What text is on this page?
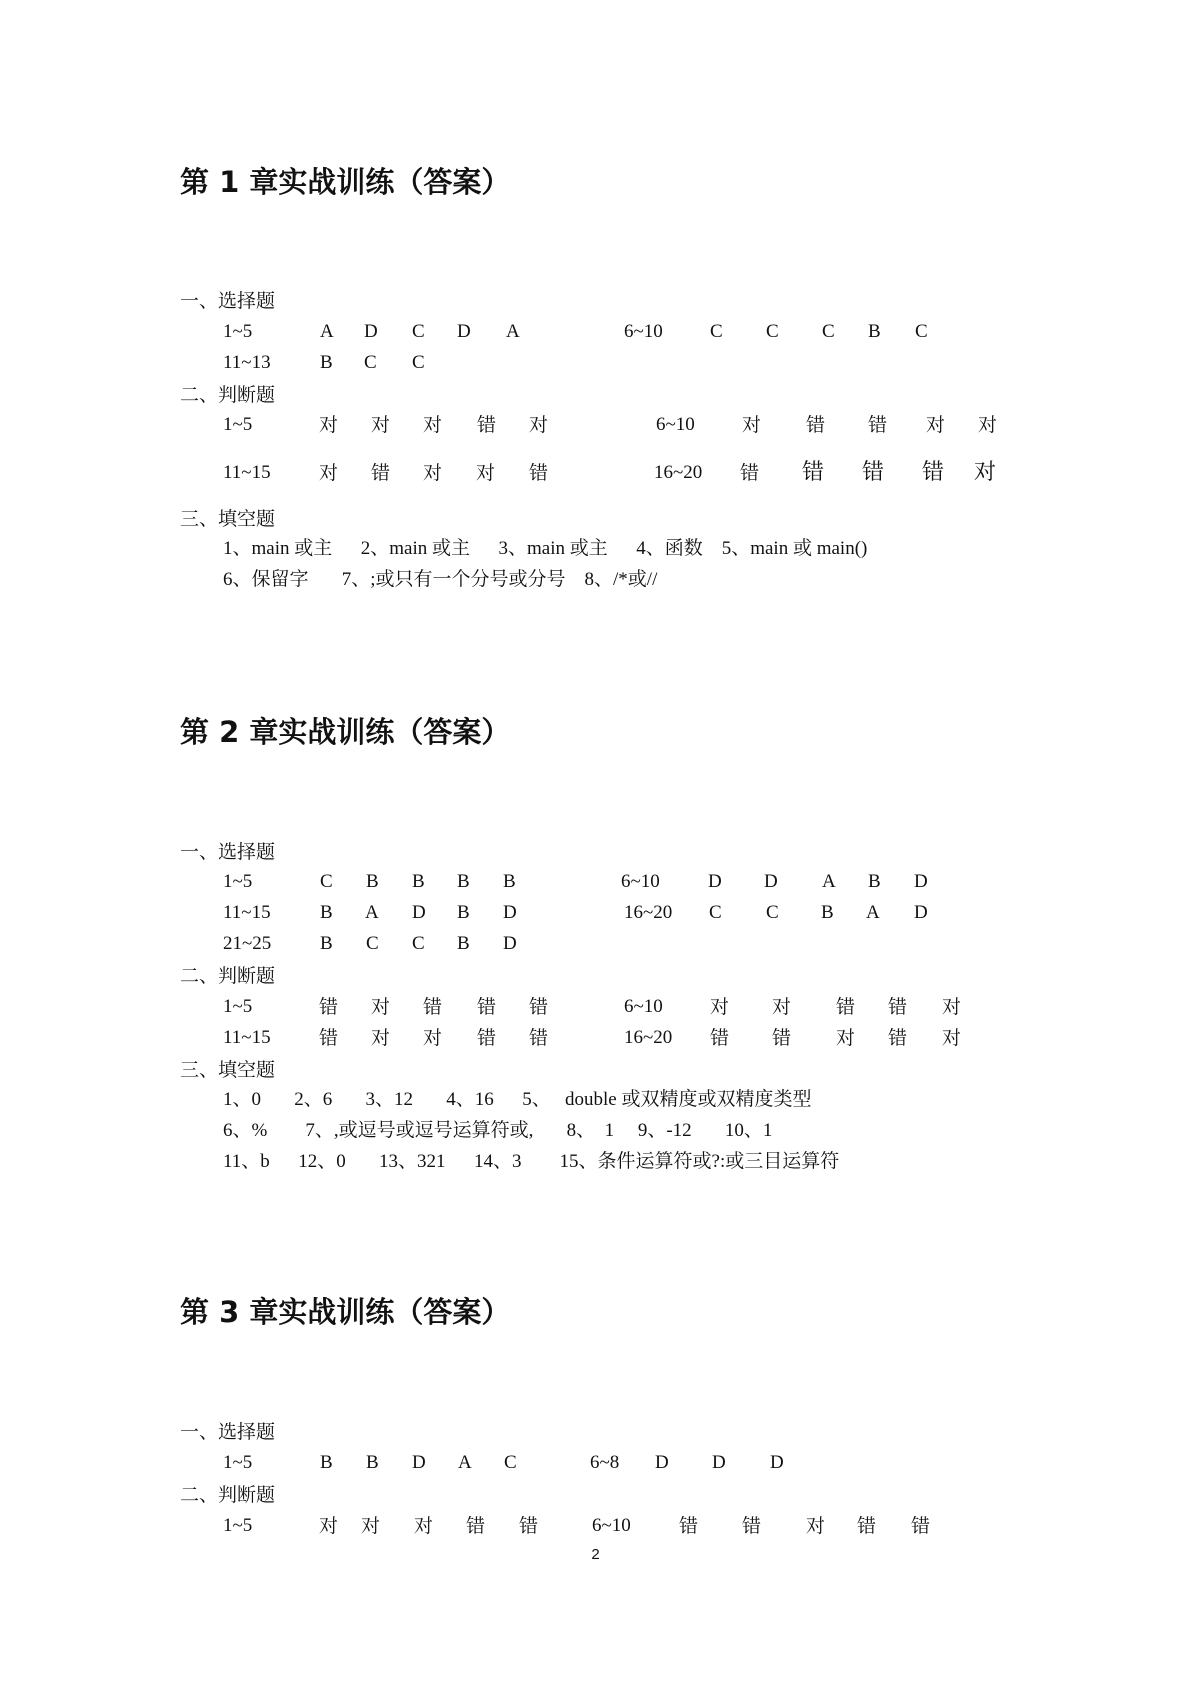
第 1 章实战训练（答案）
一、选择题
1~5	A D C D A	6~10 C C C B C
11~13	B C C
二、判断题
1~5	对 对 对 错 对	6~10 对 错 错 对 对
11~15	对 错 对 对 错	16~20 错 错 错 错 对
三、填空题
1、main 或主      2、main 或主      3、main 或主      4、函数    5、main 或 main()
6、保留字       7、;或只有一个分号或分号    8、/*或//
第 2 章实战训练（答案）
一、选择题
1~5	C B B B B	6~10	D D A B D
11~15	B A D B D	16~20 C C B A D
21~25	B C C B D
二、判断题
1~5	错 对 错 错 错	6~10 对 对 错 错 对
11~15	错 对 对 错 错	16~20 错 错 对 错 对
三、填空题
1、0       2、6       3、12       4、16      5、   double 或双精度或双精度类型
6、%        7、,或逗号或逗号运算符或,       8、  1     9、-12       10、1
11、b      12、0       13、321      14、3        15、条件运算符或?:或三目运算符
第 3 章实战训练（答案）
一、选择题
1~5	B B D A C	6~8 D D D
二、判断题
1~5	对 对 对 错 错	6~10	错 错 对 错 错
2
